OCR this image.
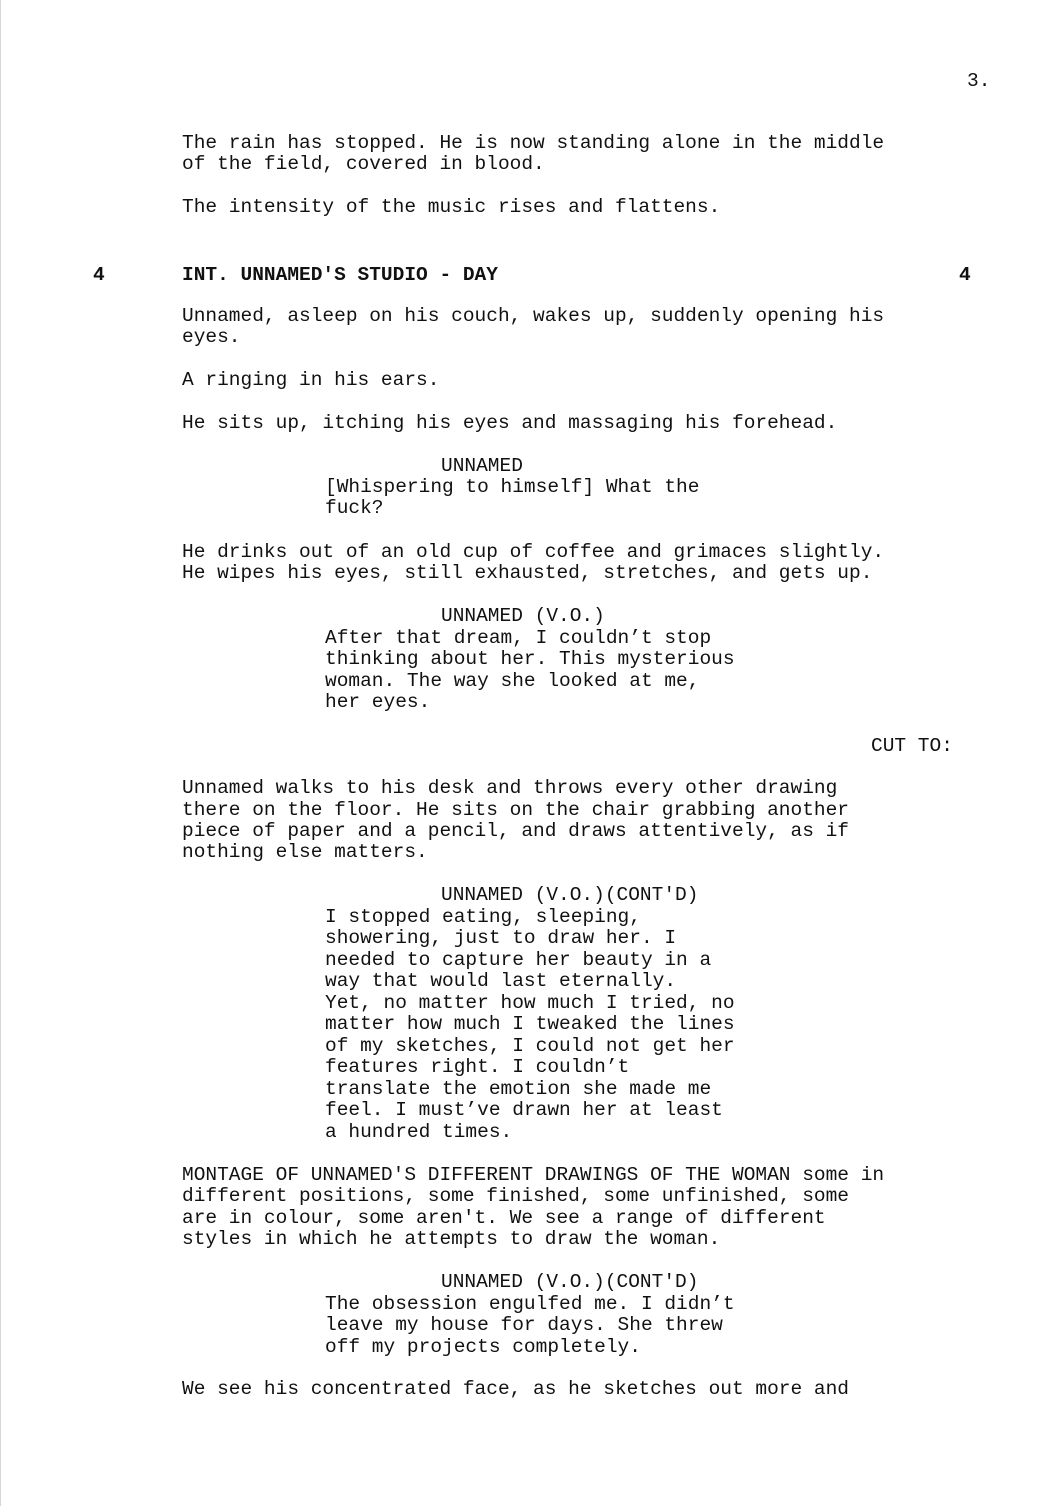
3.
The rain has stopped. He is now standing alone in the middle
of the field, covered in blood.
The intensity of the music rises and flattens.
4	INT. UNNAMED'S STUDIO - DAY	4
Unnamed, asleep on his couch, wakes up, suddenly opening his
eyes.
A ringing in his ears.
He sits up, itching his eyes and massaging his forehead.
UNNAMED
[Whispering to himself] What the
fuck?
He drinks out of an old cup of coffee and grimaces slightly.
He wipes his eyes, still exhausted, stretches, and gets up.
UNNAMED (V.O.)
After that dream, I couldn’t stop
thinking about her. This mysterious
woman. The way she looked at me,
her eyes.
CUT TO:
Unnamed walks to his desk and throws every other drawing
there on the floor. He sits on the chair grabbing another
piece of paper and a pencil, and draws attentively, as if
nothing else matters.
UNNAMED (V.O.)(CONT'D)
I stopped eating, sleeping,
showering, just to draw her. I
needed to capture her beauty in a
way that would last eternally.
Yet, no matter how much I tried, no
matter how much I tweaked the lines
of my sketches, I could not get her
features right. I couldn’t
translate the emotion she made me
feel. I must’ve drawn her at least
a hundred times.
MONTAGE OF UNNAMED'S DIFFERENT DRAWINGS OF THE WOMAN some in
different positions, some finished, some unfinished, some
are in colour, some aren't. We see a range of different
styles in which he attempts to draw the woman.
UNNAMED (V.O.)(CONT'D)
The obsession engulfed me. I didn’t
leave my house for days. She threw
off my projects completely.
We see his concentrated face, as he sketches out more and
